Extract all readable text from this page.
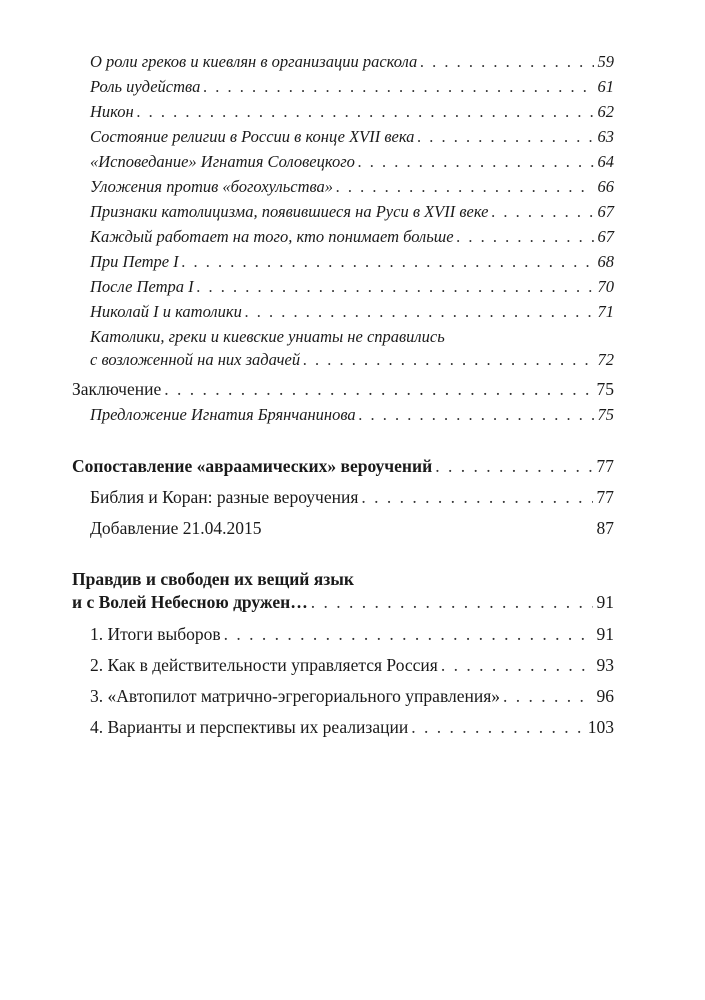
О роли греков и киевлян в организации раскола . . .	59
Роль иудейства . . .	61
Никон . . .	62
Состояние религии в России в конце XVII века . . .	63
«Исповедание» Игнатия Соловецкого . . .	64
Уложения против «богохульства» . . .	66
Признаки католицизма, появившиеся на Руси в XVII веке . . .	67
Каждый работает на того, кто понимает больше . . .	67
При Петре I . . .	68
После Петра I . . .	70
Николай I и католики . . .	71
Католики, греки и киевские униаты не справились
с возложенной на них задачей . . .	72
Заключение . . .	75
Предложение Игнатия Брянчанинова . . .	75
Сопоставление «авраамических» вероучений . . .	77
Библия и Коран: разные вероучения . . .	77
Добавление 21.04.2015	87
Правдив и свободен их вещий язык
и с Волей Небесною дружен… . . .	91
1. Итоги выборов . . .	91
2. Как в действительности управляется Россия . . .	93
3. «Автопилот матрично-эгрегориального управления» . . .	96
4. Варианты и перспективы их реализации . . .	103
